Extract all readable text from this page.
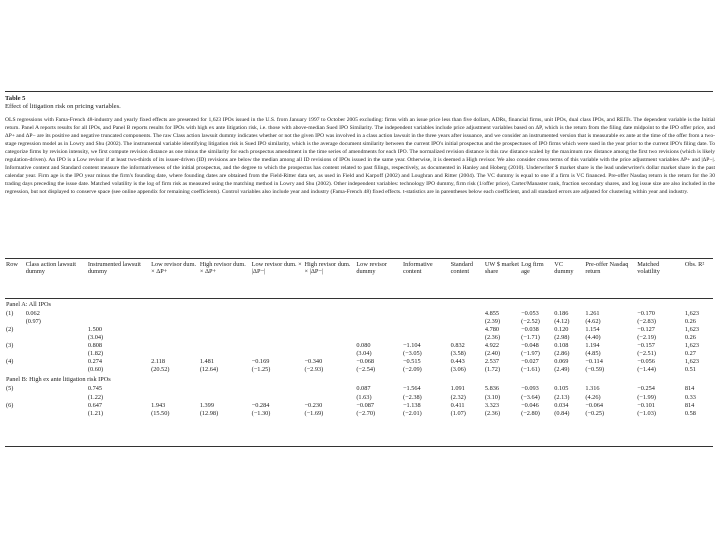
Table 5
Effect of litigation risk on pricing variables.
OLS regressions with Fama-French 48-industry and yearly fixed effects are presented for 1,623 IPOs issued in the U.S. from January 1997 to October 2005 excluding: firms with an issue price less than five dollars, ADRs, financial firms, unit IPOs, dual class IPOs, and REITs. The dependent variable is the Initial return. Panel A reports results for all IPOs, and Panel B reports results for IPOs with high ex ante litigation risk, i.e. those with above-median Sued IPO Similarity. The independent variables include price adjustment variables based on ΔP, which is the return from the filing date midpoint to the IPO offer price, and ΔP+ and ΔP− are its positive and negative truncated components. The raw Class action lawsuit dummy indicates whether or not the given IPO was involved in a class action lawsuit in the three years after issuance, and we consider an instrumented version that is measurable ex ante at the time of the offer from a two-stage regression model as in Lowry and Shu (2002). The instrumental variable identifying litigation risk is Sued IPO similarity, which is the average document similarity between the current IPO's initial prospectus and the prospectuses of IPO firms which were sued in the year prior to the current IPO's filing date. To categorize firms by revision intensity, we first compute revision distance as one minus the similarity for each prospectus amendment in the time series of amendments for each IPO. The normalized revision distance is this raw distance scaled by the maximum raw distance among the first two revisions (which is likely regulation-driven). An IPO is a Low revisor if at least two-thirds of its issuer-driven (ID) revisions are below the median among all ID revisions of IPOs issued in the same year. Otherwise, it is deemed a High revisor. We also consider cross terms of this variable with the price adjustment variables ΔP+ and |ΔP−|. Informative content and Standard content measure the informativeness of the initial prospectus, and the degree to which the prospectus has content related to past filings, respectively, as documented in Hanley and Hoberg (2010). Underwriter $ market share is the lead underwriter's dollar market share in the past calendar year. Firm age is the IPO year minus the firm's founding date, where founding dates are obtained from the Field-Ritter data set, as used in Field and Karpoff (2002) and Loughran and Ritter (2004). The VC dummy is equal to one if a firm is VC financed. Pre-offer Nasdaq return is the return for the 30 trading days preceding the issue date. Matched volatility is the log of firm risk as measured using the matching method in Lowry and Shu (2002). Other independent variables: technology IPO dummy, firm risk (1/offer price), Carter/Manaster rank, fraction secondary shares, and log issue size are also included in the regression, but not displayed to conserve space (see online appendix for remaining coefficients). Control variables also include year and industry (Fama-French 48) fixed effects. t-statistics are in parentheses below each coefficient, and all standard errors are adjusted for clustering within year and industry.
Row	Class action lawsuit dummy	Instrumented lawsuit dummy	Low revisor dum. × ΔP+	High revisor dum. × ΔP+	Low revisor dum. × |ΔP−|	High revisor dum. × |ΔP−|	Low revisor dummy	Informative content	Standard content	UW $ market share	Log firm age	VC dummy	Pre-offer Nasdaq return	Matched volatility	Obs. R²
Panel A: All IPOs															
(1)	0.062									4.855	−0.053	0.186	1.261	−0.170	1,623
	(0.97)									(2.39)	(−2.52)	(4.12)	(4.62)	(−2.83)	0.26
(2)		1.500								4.780	−0.038	0.120	1.154	−0.127	1,623
		(3.04)								(2.36)	(−1.71)	(2.98)	(4.40)	(−2.19)	0.26
(3)		0.808					0.080	−1.104	0.832	4.922	−0.048	0.108	1.194	−0.157	1,623
		(1.82)					(3.04)	(−3.05)	(3.58)	(2.40)	(−1.97)	(2.86)	(4.85)	(−2.51)	0.27
(4)		0.274	2.118	1.481	−0.169	−0.340	−0.068	−0.515	0.443	2.537	−0.027	0.069	−0.114	−0.056	1,623
		(0.60)	(20.52)	(12.64)	(−1.25)	(−2.93)	(−2.54)	(−2.09)	(3.06)	(1.72)	(−1.61)	(2.49)	(−0.59)	(−1.44)	0.51
Panel B: High ex ante litigation risk IPOs															
(5)		0.745					0.087	−1.564	1.091	5.836	−0.093	0.105	1.316	−0.254	814
		(1.22)					(1.63)	(−2.38)	(2.32)	(3.10)	(−3.64)	(2.13)	(4.26)	(−1.99)	0.33
(6)		0.647	1.943	1.399	−0.284	−0.230	−0.087	−1.138	0.411	3.323	−0.046	0.034	−0.064	−0.101	814
		(1.21)	(15.50)	(12.98)	(−1.30)	(−1.69)	(−2.70)	(−2.01)	(1.07)	(2.36)	(−2.80)	(0.84)	(−0.25)	(−1.03)	0.58
